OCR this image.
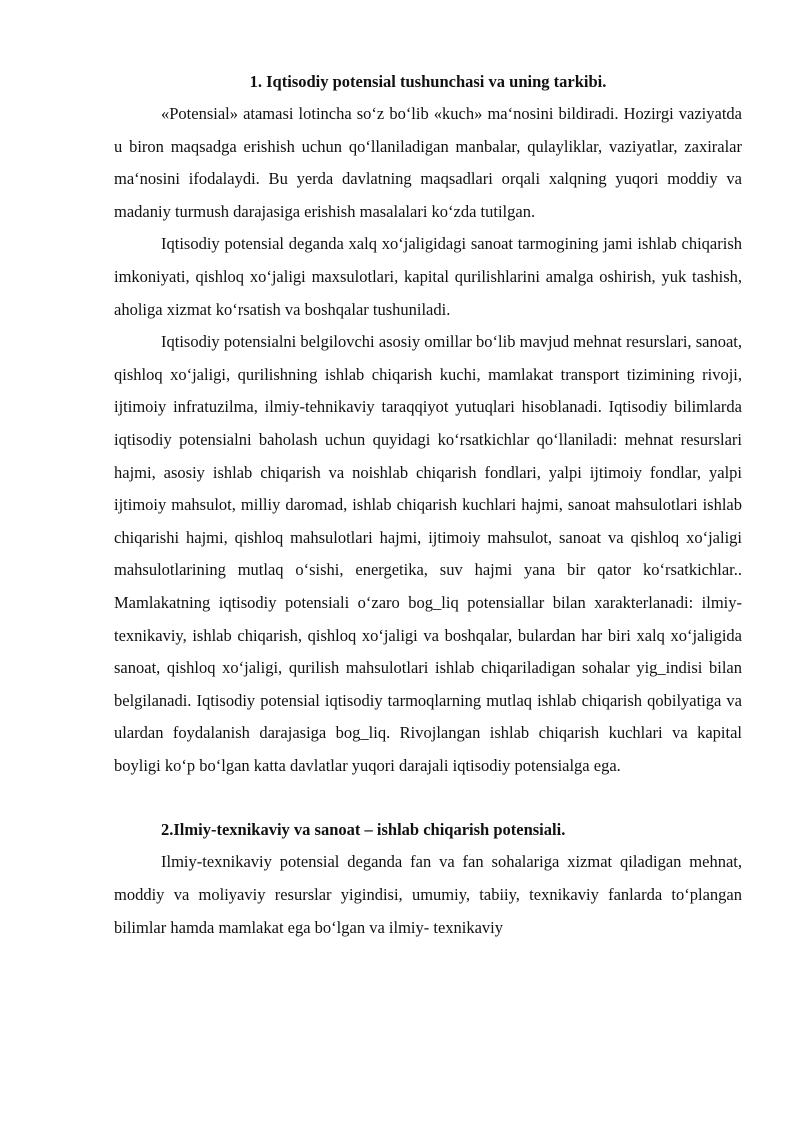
1. Iqtisodiy potensial tushunchasi va uning tarkibi.

«Potensial» atamasi lotincha so‘z bo‘lib «kuch» ma‘nosini bildiradi. Hozirgi vaziyatda u biron maqsadga erishish uchun qo‘llaniladigan manbalar, qulayliklar, vaziyatlar, zaxiralar ma‘nosini ifodalaydi. Bu yerda davlatning maqsadlari orqali xalqning yuqori moddiy va madaniy turmush darajasiga erishish masalalari ko‘zda tutilgan.

Iqtisodiy potensial deganda xalq xo‘jaligidagi sanoat tarmogining jami ishlab chiqarish imkoniyati, qishloq xo‘jaligi maxsulotlari, kapital qurilishlarini amalga oshirish, yuk tashish, aholiga xizmat ko‘rsatish va boshqalar tushuniladi.

Iqtisodiy potensialni belgilovchi asosiy omillar bo‘lib mavjud mehnat resurslari, sanoat, qishloq xo‘jaligi, qurilishning ishlab chiqarish kuchi, mamlakat transport tizimining rivoji, ijtimoiy infratuzilma, ilmiy-tehnikaviy taraqqiyot yutuqlari hisoblanadi. Iqtisodiy bilimlarda iqtisodiy potensialni baholash uchun quyidagi ko‘rsatkichlar qo‘llaniladi: mehnat resurslari hajmi, asosiy ishlab chiqarish va noishlab chiqarish fondlari, yalpi ijtimoiy fondlar, yalpi ijtimoiy mahsulot, milliy daromad, ishlab chiqarish kuchlari hajmi, sanoat mahsulotlari ishlab chiqarishi hajmi, qishloq mahsulotlari hajmi, ijtimoiy mahsulot, sanoat va qishloq xo‘jaligi mahsulotlarining mutlaq o‘sishi, energetika, suv hajmi yana bir qator ko‘rsatkichlar.. Mamlakatning iqtisodiy potensiali o‘zaro bog_liq potensiallar bilan xarakterlanadi: ilmiy-texnikaviy, ishlab chiqarish, qishloq xo‘jaligi va boshqalar, bulardan har biri xalq xo‘jaligida sanoat, qishloq xo‘jaligi, qurilish mahsulotlari ishlab chiqariladigan sohalar yig_indisi bilan belgilanadi. Iqtisodiy potensial iqtisodiy tarmoqlarning mutlaq ishlab chiqarish qobilyatiga va ulardan foydalanish darajasiga bog_liq. Rivojlangan ishlab chiqarish kuchlari va kapital boyligi ko‘p bo‘lgan katta davlatlar yuqori darajali iqtisodiy potensialga ega.

2.Ilmiy-texnikaviy va sanoat – ishlab chiqarish potensiali.

Ilmiy-texnikaviy potensial deganda fan va fan sohalariga xizmat qiladigan mehnat, moddiy va moliyaviy resurslar yigindisi, umumiy, tabiiy, texnikaviy fanlarda to‘plangan bilimlar hamda mamlakat ega bo‘lgan va ilmiy- texnikaviy
